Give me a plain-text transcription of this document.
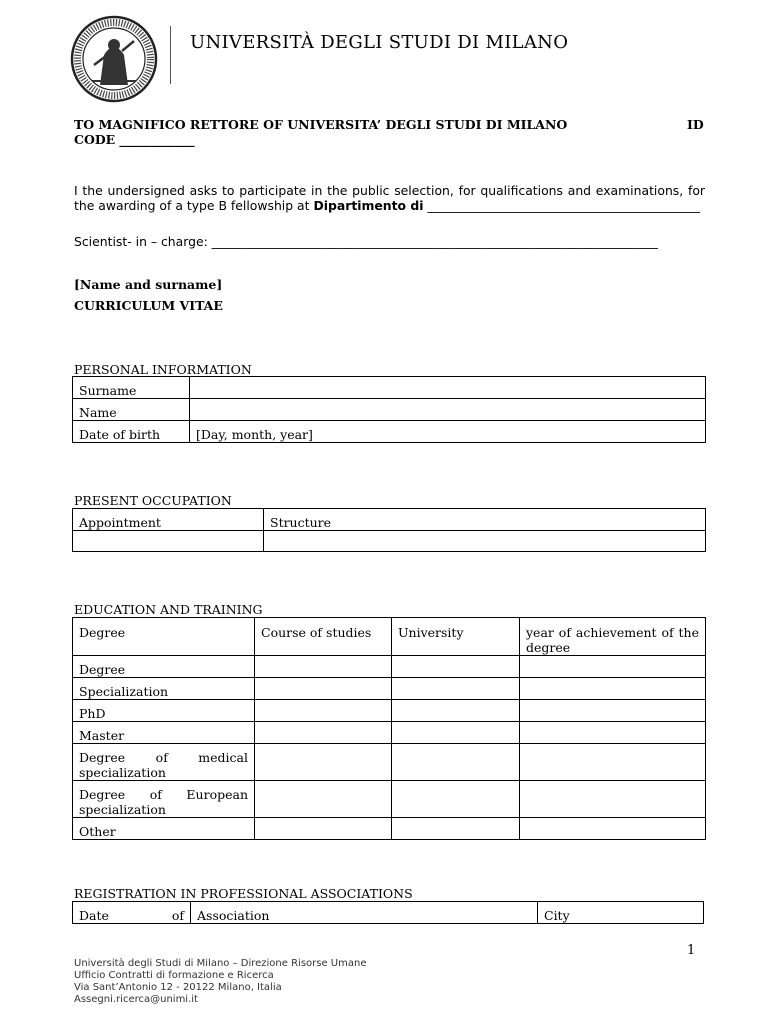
UNIVERSITÀ DEGLI STUDI DI MILANO
TO MAGNIFICO RETTORE OF UNIVERSITA’ DEGLI STUDI DI MILANO	ID
CODE ____________
I the undersigned asks to participate in the public selection, for qualifications and examinations, for the awarding of a type B fellowship at Dipartimento di ____________________________________________
Scientist- in – charge: ________________________________________________________________________
[Name and surname]
CURRICULUM VITAE
PERSONAL INFORMATION
Surname	
Name	
Date of birth	[Day, month, year]
PRESENT OCCUPATION
Appointment	Structure

EDUCATION AND TRAINING
Degree	Course of studies	University	year of achievement of the degree
Degree			
Specialization			
PhD			
Master			
Degree of medical specialization			
Degree of European specialization			
Other			
REGISTRATION IN PROFESSIONAL ASSOCIATIONS
Date of	Association	City
1
Università degli Studi di Milano – Direzione Risorse Umane
Ufficio Contratti di formazione e Ricerca
Via Sant’Antonio 12 - 20122 Milano, Italia
Assegni.ricerca@unimi.it
